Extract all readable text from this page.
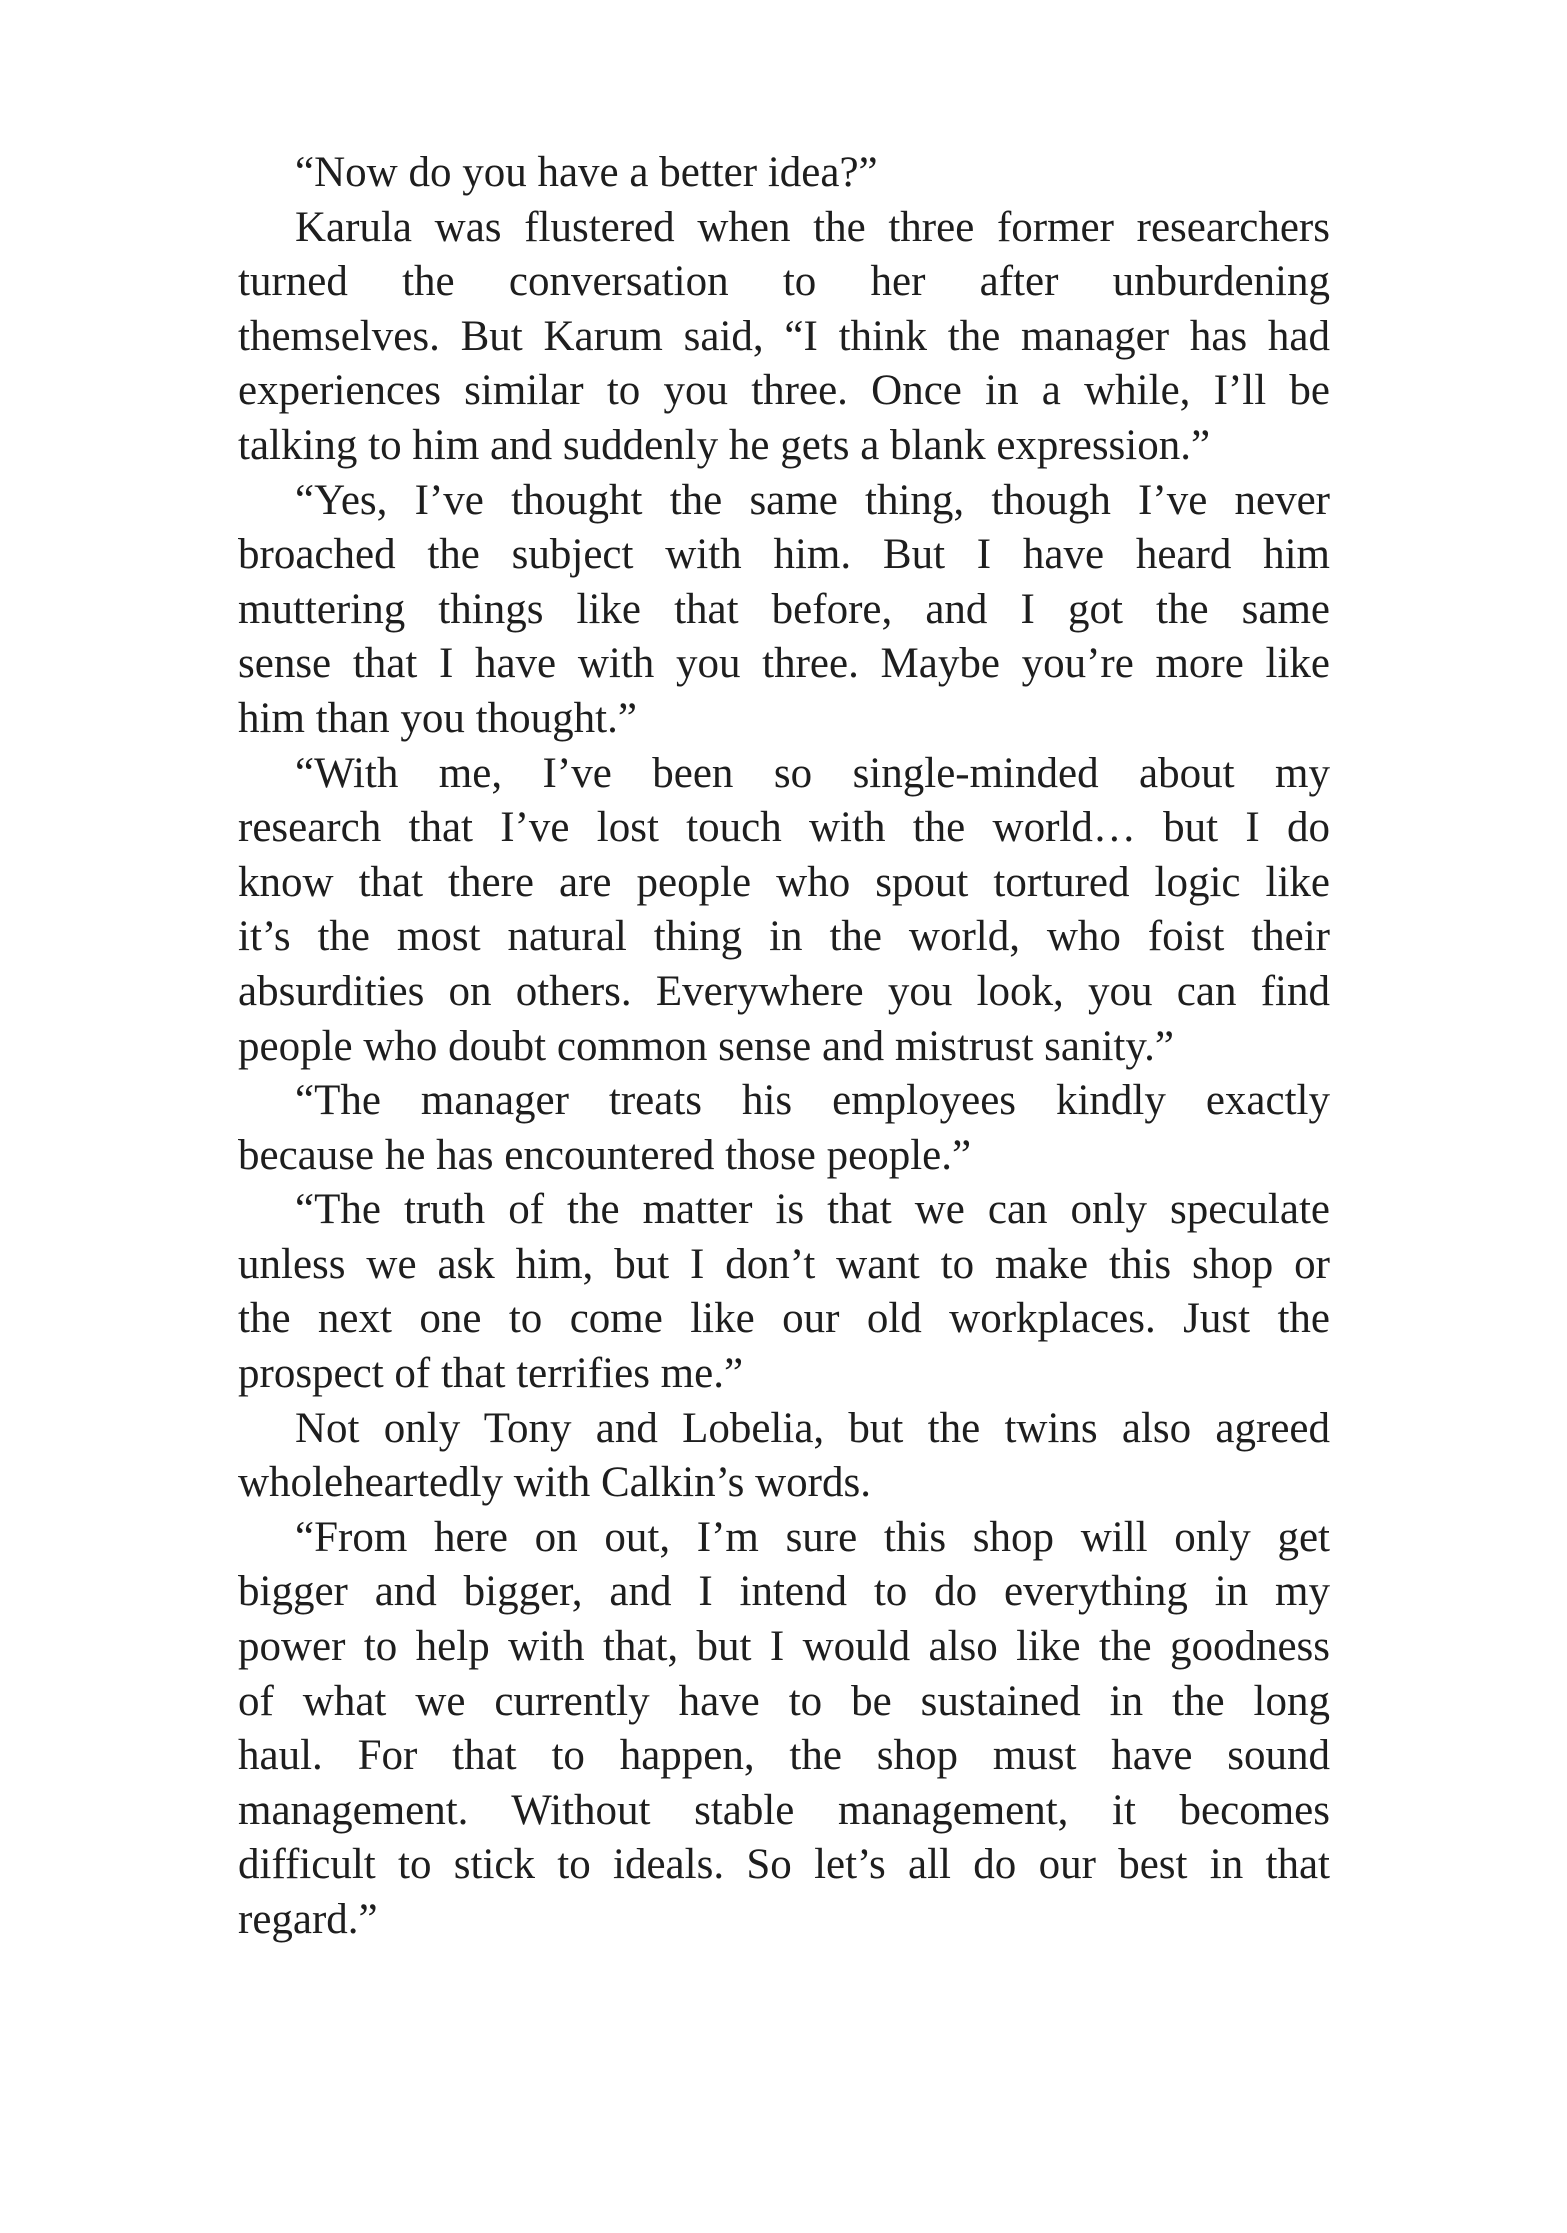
“Now do you have a better idea?”

Karula was flustered when the three former researchers
turned the conversation to her after unburdening
themselves. But Karum said, “I think the manager has had
experiences similar to you three. Once in a while, I’ll be
talking to him and suddenly he gets a blank expression.”

“Yes, I’ve thought the same thing, though I’ve never
broached the subject with him. But I have heard him
muttering things like that before, and I got the same
sense that I have with you three. Maybe you’re more like
him than you thought.”

“With me, I’ve been so single-minded about my
research that I’ve lost touch with the world… but I do
know that there are people who spout tortured logic like
it’s the most natural thing in the world, who foist their
absurdities on others. Everywhere you look, you can find
people who doubt common sense and mistrust sanity.”

“The manager treats his employees kindly exactly
because he has encountered those people.”

“The truth of the matter is that we can only speculate
unless we ask him, but I don’t want to make this shop or
the next one to come like our old workplaces. Just the
prospect of that terrifies me.”

Not only Tony and Lobelia, but the twins also agreed
wholeheartedly with Calkin’s words.

“From here on out, I’m sure this shop will only get
bigger and bigger, and I intend to do everything in my
power to help with that, but I would also like the goodness
of what we currently have to be sustained in the long
haul. For that to happen, the shop must have sound
management. Without stable management, it becomes
difficult to stick to ideals. So let’s all do our best in that
regard.”
